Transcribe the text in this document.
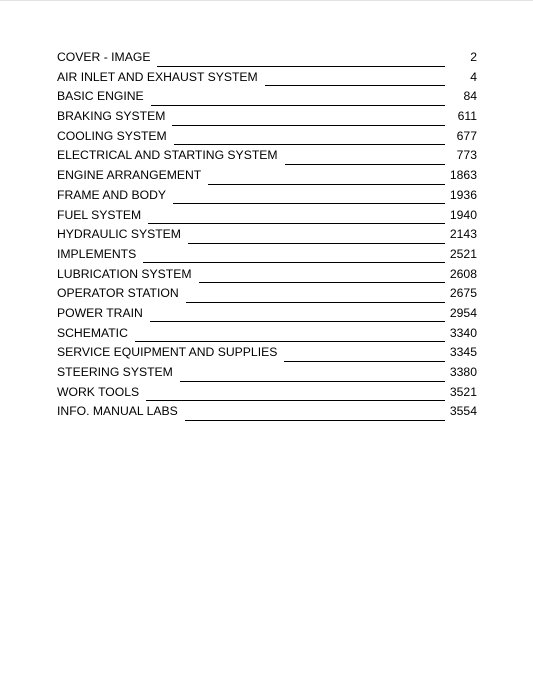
COVER - IMAGE	2
AIR INLET AND EXHAUST SYSTEM	4
BASIC ENGINE	84
BRAKING SYSTEM	611
COOLING SYSTEM	677
ELECTRICAL AND STARTING SYSTEM	773
ENGINE ARRANGEMENT	1863
FRAME AND BODY	1936
FUEL SYSTEM	1940
HYDRAULIC SYSTEM	2143
IMPLEMENTS	2521
LUBRICATION SYSTEM	2608
OPERATOR STATION	2675
POWER TRAIN	2954
SCHEMATIC	3340
SERVICE EQUIPMENT AND SUPPLIES	3345
STEERING SYSTEM	3380
WORK TOOLS	3521
INFO. MANUAL LABS	3554
